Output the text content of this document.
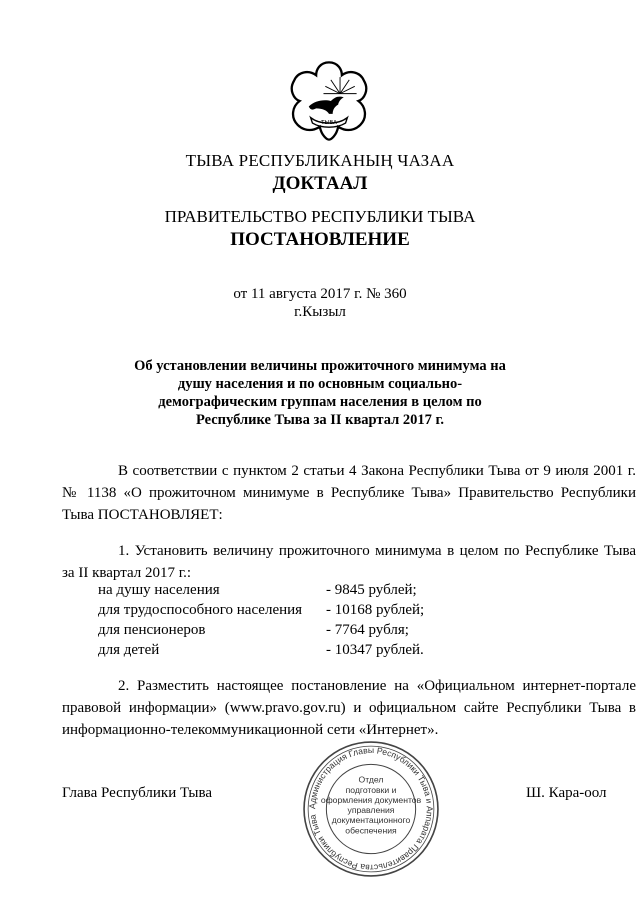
ТЫВА
ТЫВА РЕСПУБЛИКАНЫҢ ЧАЗАА
ДОКТААЛ
ПРАВИТЕЛЬСТВО РЕСПУБЛИКИ ТЫВА
ПОСТАНОВЛЕНИЕ
от 11 августа 2017 г. № 360
г.Кызыл
Об установлении величины прожиточного минимума на душу населения и по основным социально-демографическим группам населения в целом по Республике Тыва за II квартал 2017 г.
В соответствии с пунктом 2 статьи 4 Закона Республики Тыва от 9 июля 2001 г. № 1138 «О прожиточном минимуме в Республике Тыва» Правительство Республики Тыва ПОСТАНОВЛЯЕТ:
1. Установить величину прожиточного минимума в целом по Республике Тыва за II квартал 2017 г.:
на душу населения	- 9845 рублей;
для трудоспособного населения	- 10168 рублей;
для пенсионеров	- 7764 рубля;
для детей	- 10347 рублей.
2. Разместить настоящее постановление на «Официальном интернет-портале правовой информации» (www.pravo.gov.ru) и официальном сайте Республики Тыва в информационно-телекоммуникационной сети «Интернет».
Глава Республики Тыва	Ш. Кара-оол
Администрация Главы Республики Тыва и Аппарата Правительства Республики Тыва
Отдел
подготовки и
оформления документов
управления
документационного
обеспечения
